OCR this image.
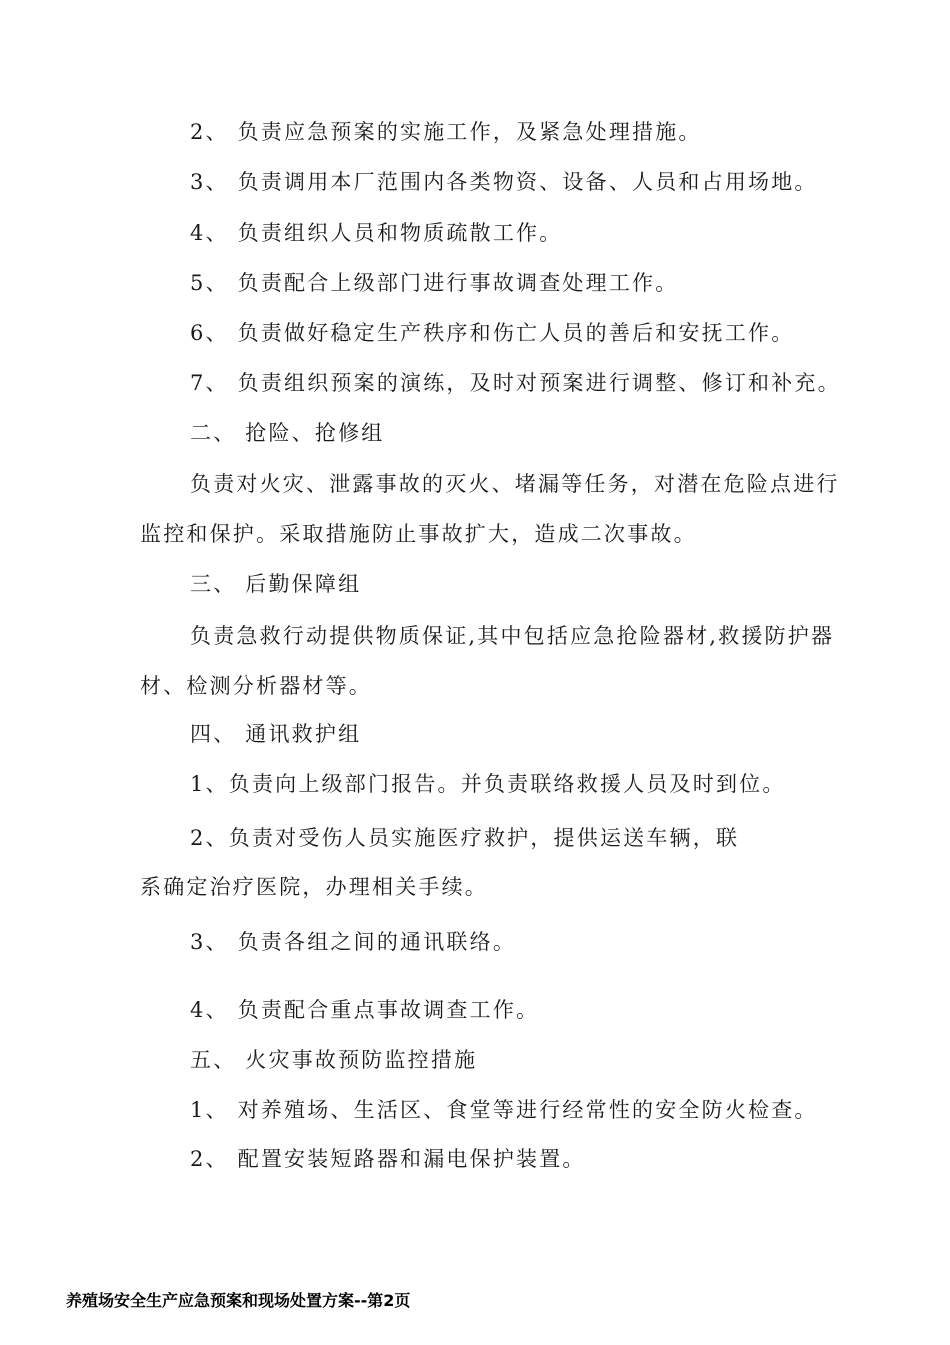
2、 负责应急预案的实施工作，及紧急处理措施。
3、 负责调用本厂范围内各类物资、设备、人员和占用场地。
4、 负责组织人员和物质疏散工作。
5、 负责配合上级部门进行事故调查处理工作。
6、 负责做好稳定生产秩序和伤亡人员的善后和安抚工作。
7、 负责组织预案的演练，及时对预案进行调整、修订和补充。
二、 抢险、抢修组
负责对火灾、泄露事故的灭火、堵漏等任务，对潜在危险点进行
监控和保护。采取措施防止事故扩大，造成二次事故。
三、 后勤保障组
负责急救行动提供物质保证,其中包括应急抢险器材,救援防护器
材、检测分析器材等。
四、 通讯救护组
1、负责向上级部门报告。并负责联络救援人员及时到位。
2、负责对受伤人员实施医疗救护，提供运送车辆，联
系确定治疗医院，办理相关手续。
3、 负责各组之间的通讯联络。
4、 负责配合重点事故调查工作。
五、 火灾事故预防监控措施
1、 对养殖场、生活区、食堂等进行经常性的安全防火检查。
2、 配置安装短路器和漏电保护装置。
养殖场安全生产应急预案和现场处置方案--第2页
